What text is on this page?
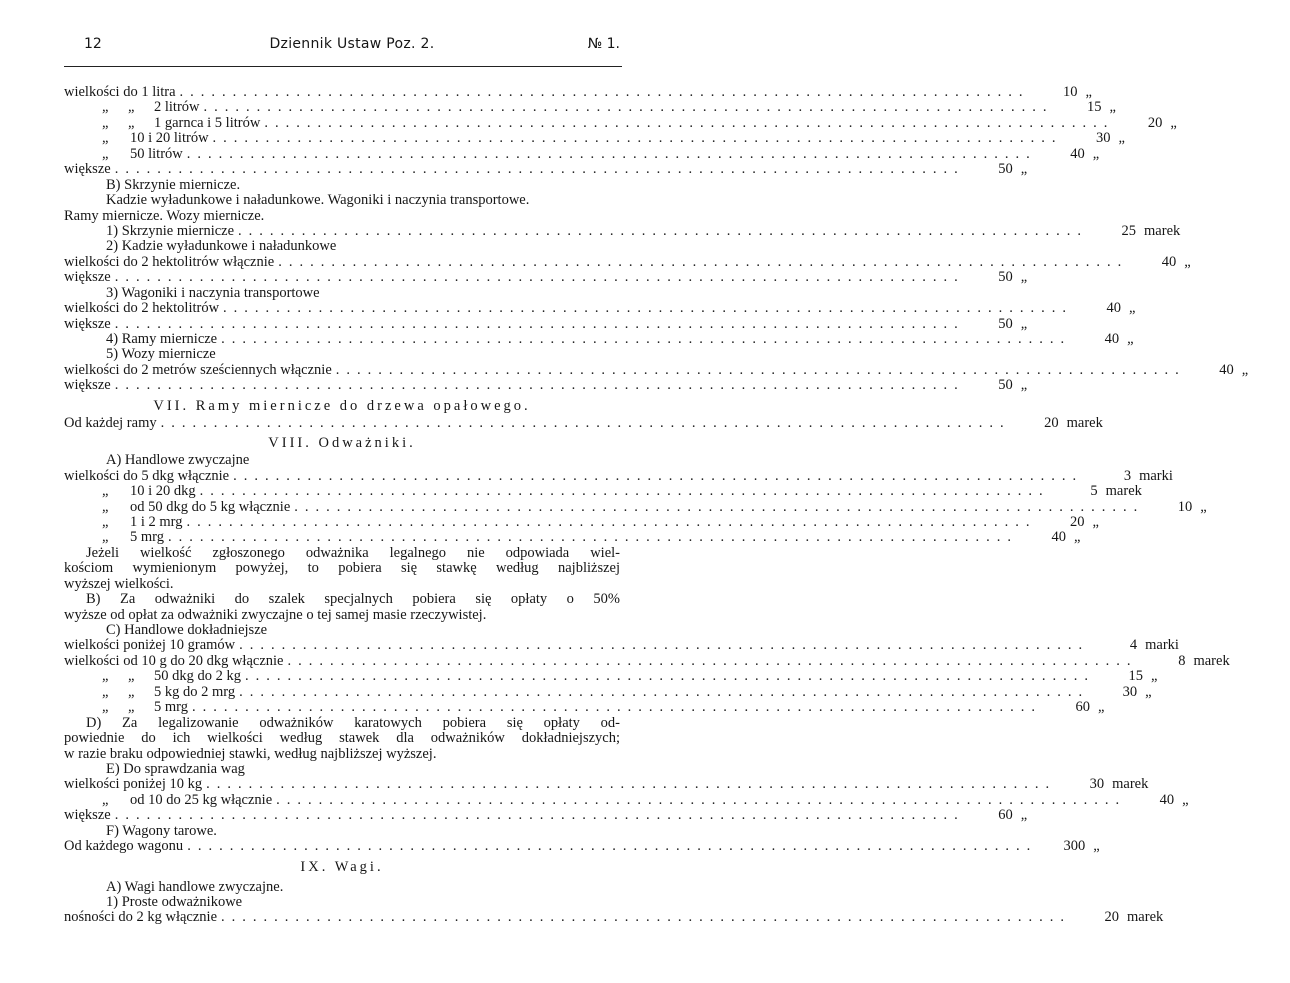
12	Dziennik Ustaw Poz. 2.	№ 1.
wielkości do 1 litra ................................................................................	10 „
„ „ 2 litrów ................................................................................	15 „
„ „ 1 garnca i 5 litrów ................................................................................	20 „
„ 10 i 20 litrów ................................................................................	30 „
„ 50 litrów ................................................................................	40 „
większe ................................................................................	50 „
B) Skrzynie miernicze.
Kadzie wyładunkowe i naładunkowe. Wagoniki i naczynia transportowe.
Ramy miernicze. Wozy miernicze.
1) Skrzynie miernicze ................................................................................	25 marek
2) Kadzie wyładunkowe i naładunkowe
wielkości do 2 hektolitrów włącznie ................................................................................	40 „
większe ................................................................................	50 „
3) Wagoniki i naczynia transportowe
wielkości do 2 hektolitrów ................................................................................	40 „
większe ................................................................................	50 „
4) Ramy miernicze ................................................................................	40 „
5) Wozy miernicze
wielkości do 2 metrów sześciennych włącznie ................................................................................	40 „
większe ................................................................................	50 „
VII. Ramy miernicze do drzewa opałowego.
Od każdej ramy ................................................................................	20 marek
VIII. Odważniki.
A) Handlowe zwyczajne
wielkości do 5 dkg włącznie ................................................................................	3 marki
„ 10 i 20 dkg ................................................................................	5 marek
„ od 50 dkg do 5 kg włącznie ................................................................................	10 „
„ 1 i 2 mrg ................................................................................	20 „
„ 5 mrg ................................................................................	40 „
Jeżeli wielkość zgłoszonego odważnika legalnego nie odpowiada wiel-
kościom wymienionym powyżej, to pobiera się stawkę według najbliższej
wyższej wielkości.
B) Za odważniki do szalek specjalnych pobiera się opłaty o 50%
wyższe od opłat za odważniki zwyczajne o tej samej masie rzeczywistej.
C) Handlowe dokładniejsze
wielkości poniżej 10 gramów ................................................................................	4 marki
wielkości od 10 g do 20 dkg włącznie ................................................................................	8 marek
„ „ 50 dkg do 2 kg ................................................................................	15 „
„ „ 5 kg do 2 mrg ................................................................................	30 „
„ „ 5 mrg ................................................................................	60 „
D) Za legalizowanie odważników karatowych pobiera się opłaty od-
powiednie do ich wielkości według stawek dla odważników dokładniejszych;
w razie braku odpowiedniej stawki, według najbliższej wyższej.
E) Do sprawdzania wag
wielkości poniżej 10 kg ................................................................................	30 marek
„ od 10 do 25 kg włącznie ................................................................................	40 „
większe ................................................................................	60 „
F) Wagony tarowe.
Od każdego wagonu ................................................................................	300 „
IX. Wagi.
A) Wagi handlowe zwyczajne.
1) Proste odważnikowe
nośności do 2 kg włącznie ................................................................................	20 marek
